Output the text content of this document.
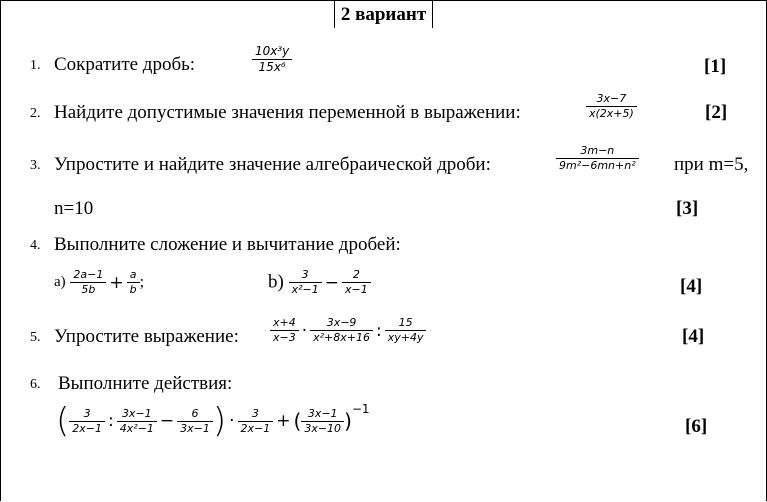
2 вариант
1. Сократите дробь:	$\frac{\text{10x³y}}{\text{15x⁶}}$	[1]
2. Найдите допустимые значения переменной в выражении:	$\frac{3x-7}{x(2x+5)}$	[2]
3. Упростите и найдите значение алгебраической дроби:	$\frac{3m-n}{\text{9m²−6mn+n²}}$ при m=5,
n=10	[3]
4. Выполните сложение и вычитание дробей:
$a) \frac{2a-1}{5b} + \frac{a}{b}$ ;	$b) \frac{3}{\text{x²−1}} - \frac{2}{x-1}$	[4]
5. Упростите выражение:	$\frac{x+4}{x-3} \cdot \frac{3x-9}{\text{x²+8x+16}}$ : $\frac{15}{xy+4y}$	[4]
6. Выполните действия:
( $\frac{3}{2x-1}$ : $\frac{3x-1}{\text{4x²−1}} - \frac{6}{3x-1}$ ) · $\frac{3}{2x-1}$ + ( $\frac{3x-1}{3x-10} )^{-1}$
[6]
